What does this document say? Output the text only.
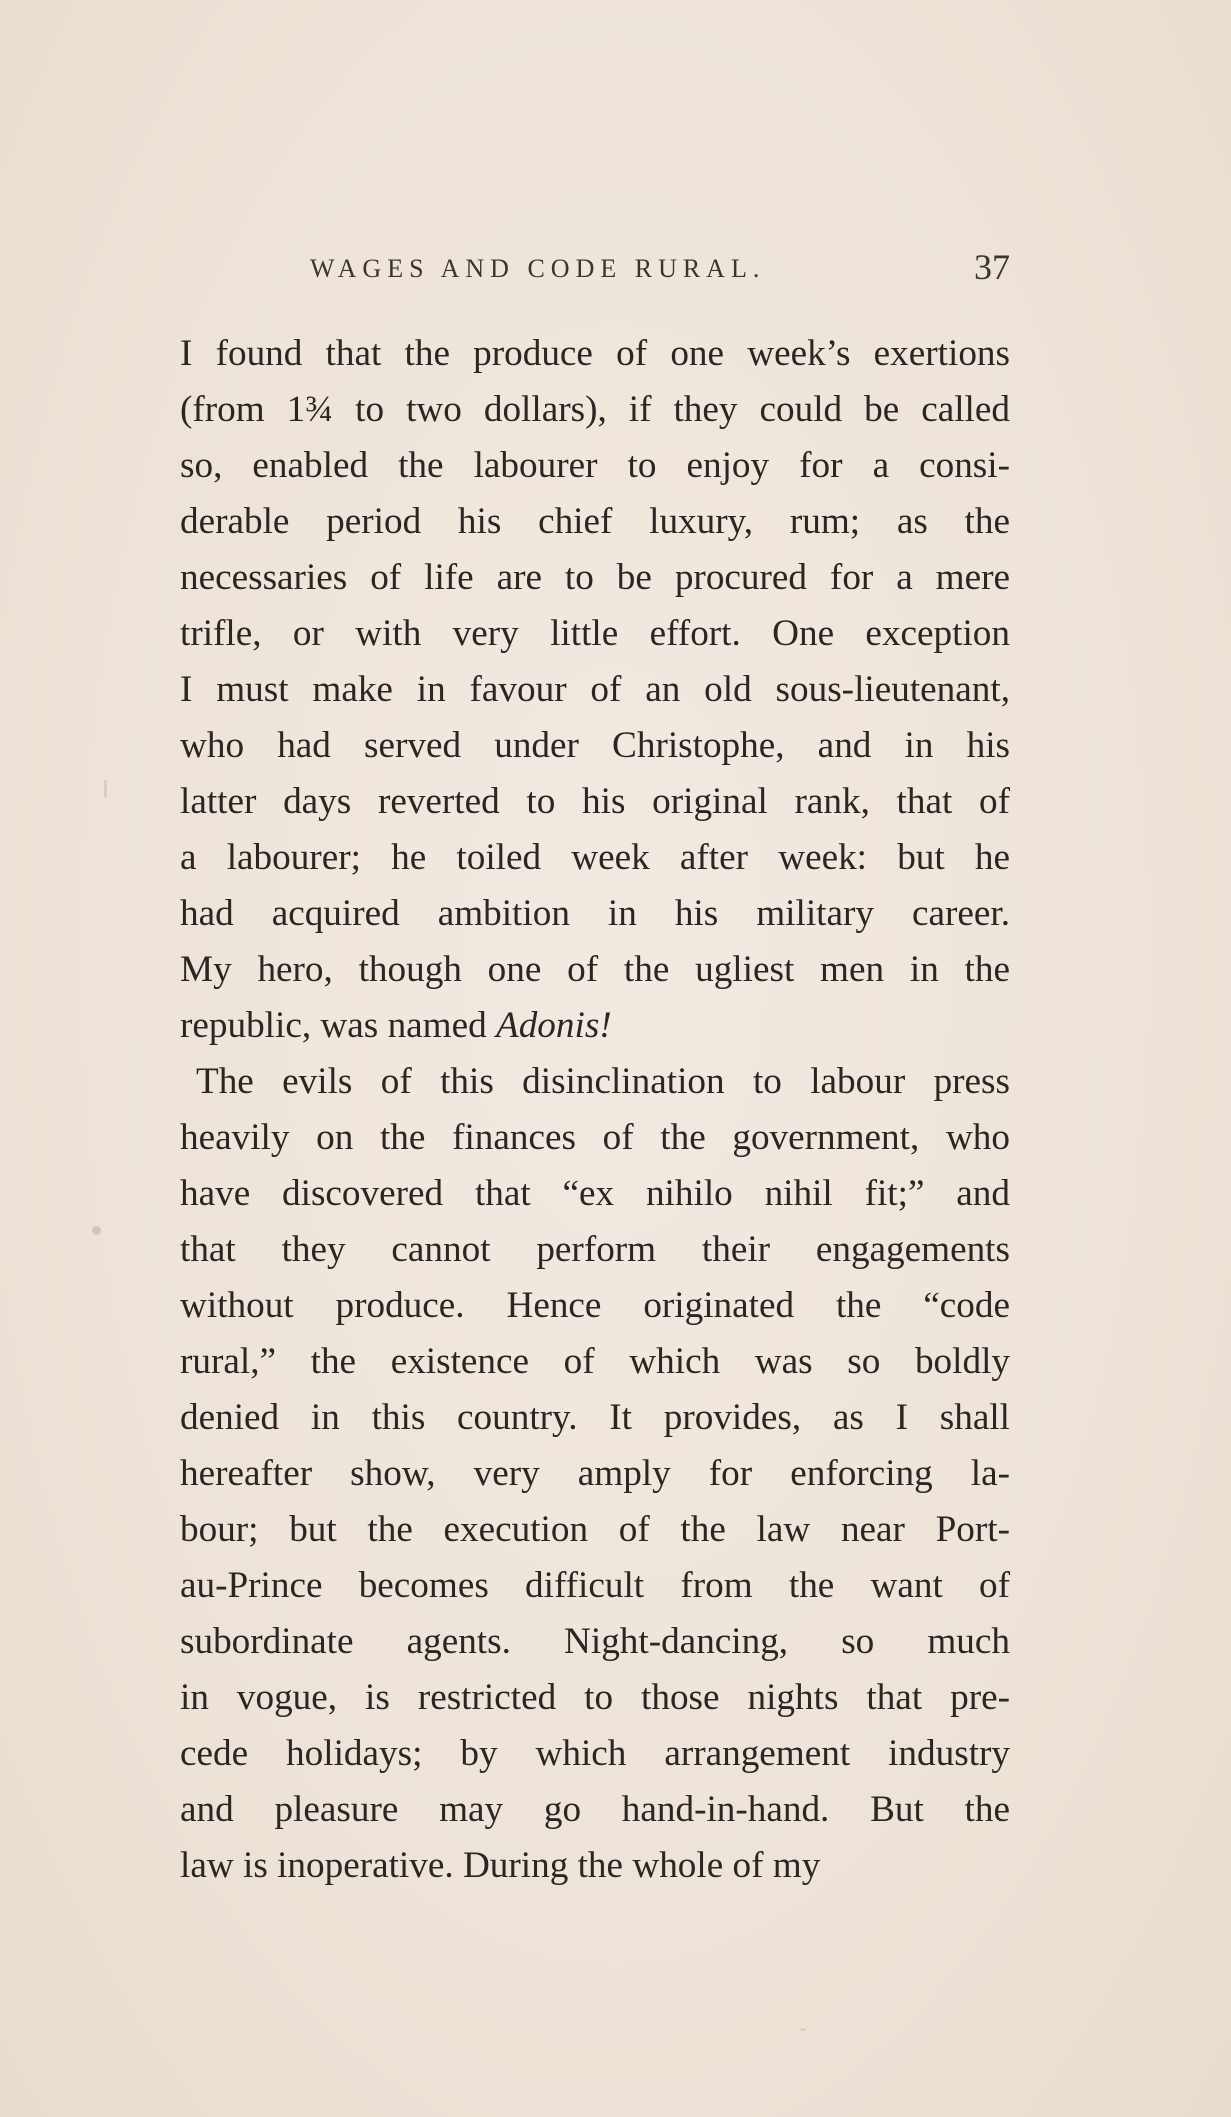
WAGES AND CODE RURAL.	37
I found that the produce of one week’s exertions
(from 1¾ to two dollars), if they could be called
so, enabled the labourer to enjoy for a consi-
derable period his chief luxury, rum; as the
necessaries of life are to be procured for a mere
trifle, or with very little effort. One exception
I must make in favour of an old sous-lieutenant,
who had served under Christophe, and in his
latter days reverted to his original rank, that of
a labourer; he toiled week after week: but he
had acquired ambition in his military career.
My hero, though one of the ugliest men in the
republic, was named Adonis!
The evils of this disinclination to labour press
heavily on the finances of the government, who
have discovered that “ex nihilo nihil fit;” and
that they cannot perform their engagements
without produce. Hence originated the “code
rural,” the existence of which was so boldly
denied in this country. It provides, as I shall
hereafter show, very amply for enforcing la-
bour; but the execution of the law near Port-
au-Prince becomes difficult from the want of
subordinate agents. Night-dancing, so much
in vogue, is restricted to those nights that pre-
cede holidays; by which arrangement industry
and pleasure may go hand-in-hand. But the
law is inoperative. During the whole of my
